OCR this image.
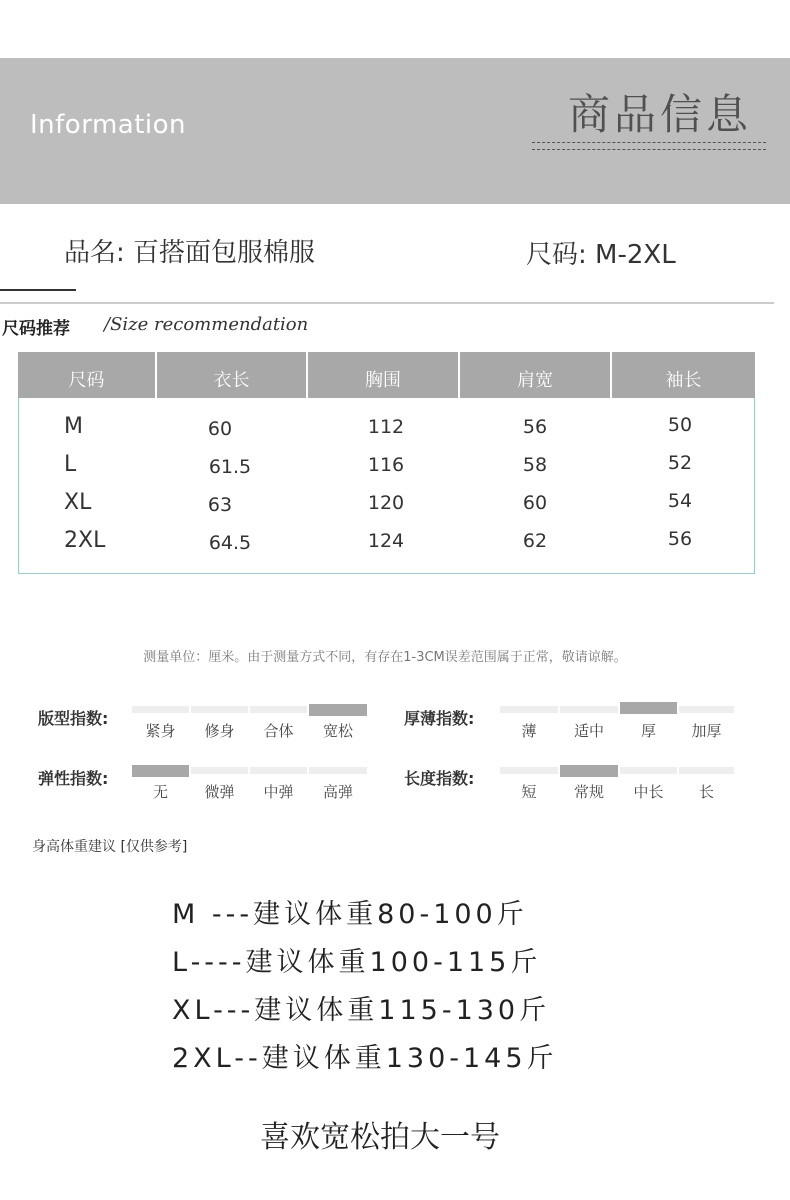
Information	商品信息
品名: 百搭面包服棉服	尺码: M-2XL
尺码推荐 /Size recommendation
尺码	衣长	胸围	肩宽	袖长
M	60	112	56	50
L	61.5	116	58	52
XL	63	120	60	54
2XL	64.5	124	62	56
测量单位：厘米。由于测量方式不同，有存在1-3CM误差范围属于正常，敬请谅解。
版型指数:
紧身	修身	合体	宽松
厚薄指数:
薄	适中	厚	加厚
弹性指数:
无	微弹	中弹	高弹
长度指数:
短	常规	中长	长
身高体重建议 [仅供参考]
M ---建议体重80-100斤
L----建议体重100-115斤
XL---建议体重115-130斤
2XL--建议体重130-145斤
喜欢宽松拍大一号
